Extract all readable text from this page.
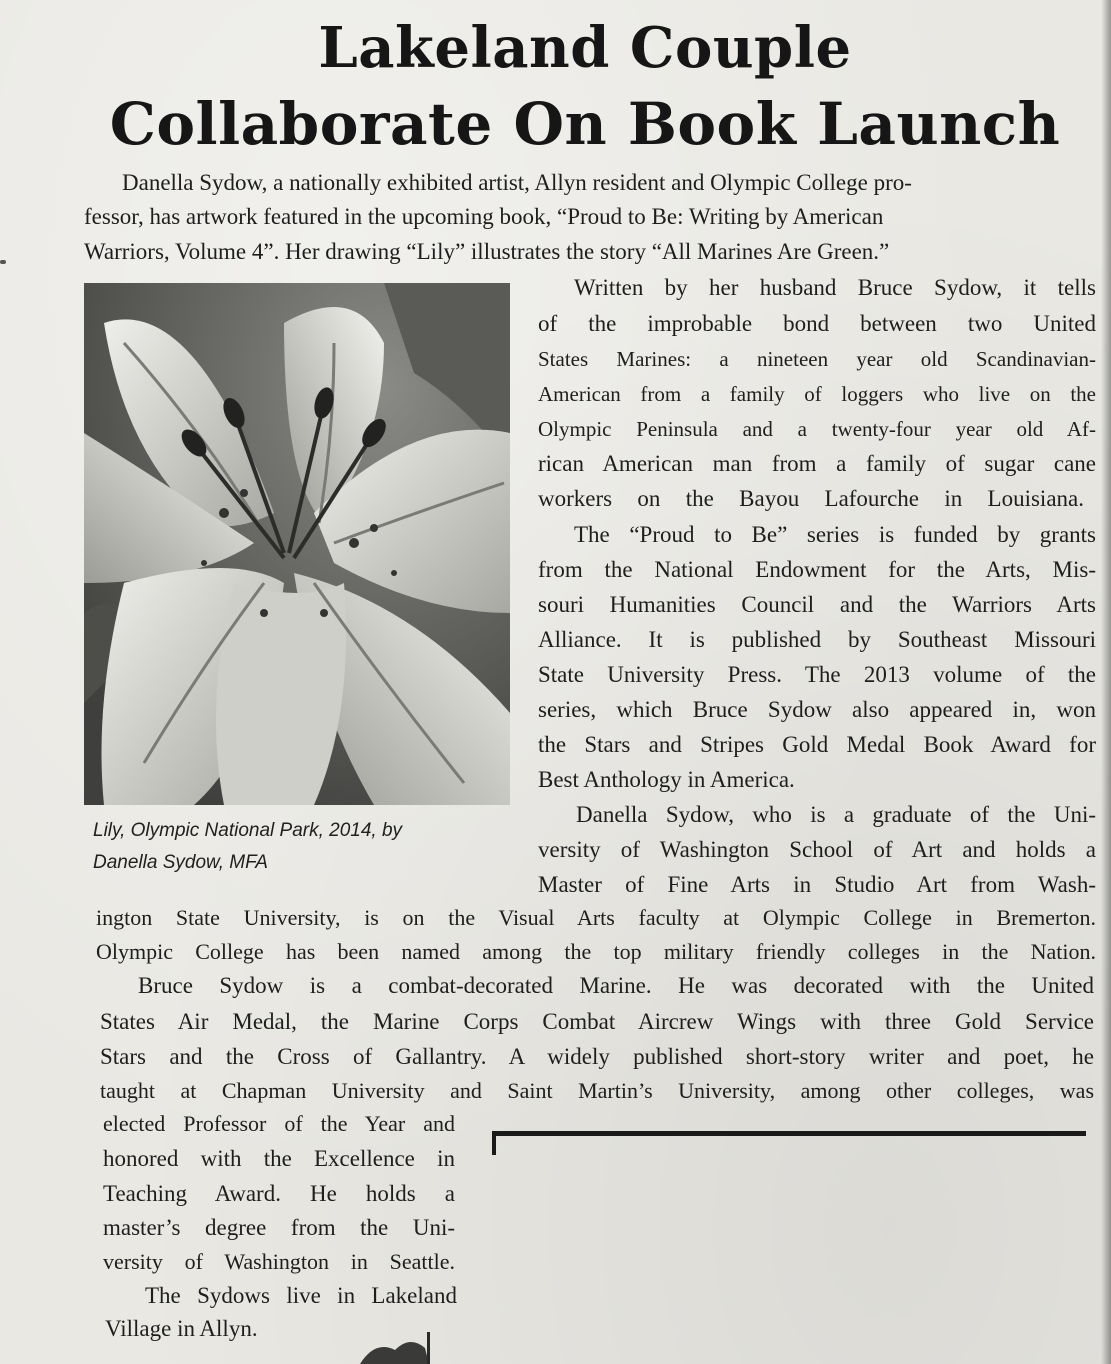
Lakeland Couple
Collaborate On Book Launch
Danella Sydow, a nationally exhibited artist, Allyn resident and Olympic College pro-
fessor, has artwork featured in the upcoming book, “Proud to Be: Writing by American
Warriors, Volume 4”. Her drawing “Lily” illustrates the story “All Marines Are Green.”
Lily, Olympic National Park, 2014, by
Danella Sydow, MFA
Written by her husband Bruce Sydow, it tells
of the improbable bond between two United
States Marines: a nineteen year old Scandinavian-
American from a family of loggers who live on the
Olympic Peninsula and a twenty-four year old Af-
rican American man from a family of sugar cane
workers on the Bayou Lafourche in Louisiana.
The “Proud to Be” series is funded by grants
from the National Endowment for the Arts, Mis-
souri Humanities Council and the Warriors Arts
Alliance. It is published by Southeast Missouri
State University Press. The 2013 volume of the
series, which Bruce Sydow also appeared in, won
the Stars and Stripes Gold Medal Book Award for
Best Anthology in America.
Danella Sydow, who is a graduate of the Uni-
versity of Washington School of Art and holds a
Master of Fine Arts in Studio Art from Wash-
ington State University, is on the Visual Arts faculty at Olympic College in Bremerton.
Olympic College has been named among the top military friendly colleges in the Nation.
Bruce Sydow is a combat-decorated Marine. He was decorated with the United
States Air Medal, the Marine Corps Combat Aircrew Wings with three Gold Service
Stars and the Cross of Gallantry. A widely published short-story writer and poet, he
taught at Chapman University and Saint Martin’s University, among other colleges, was
elected Professor of the Year and
honored with the Excellence in
Teaching Award. He holds a
master’s degree from the Uni-
versity of Washington in Seattle.
The Sydows live in Lakeland
Village in Allyn.
